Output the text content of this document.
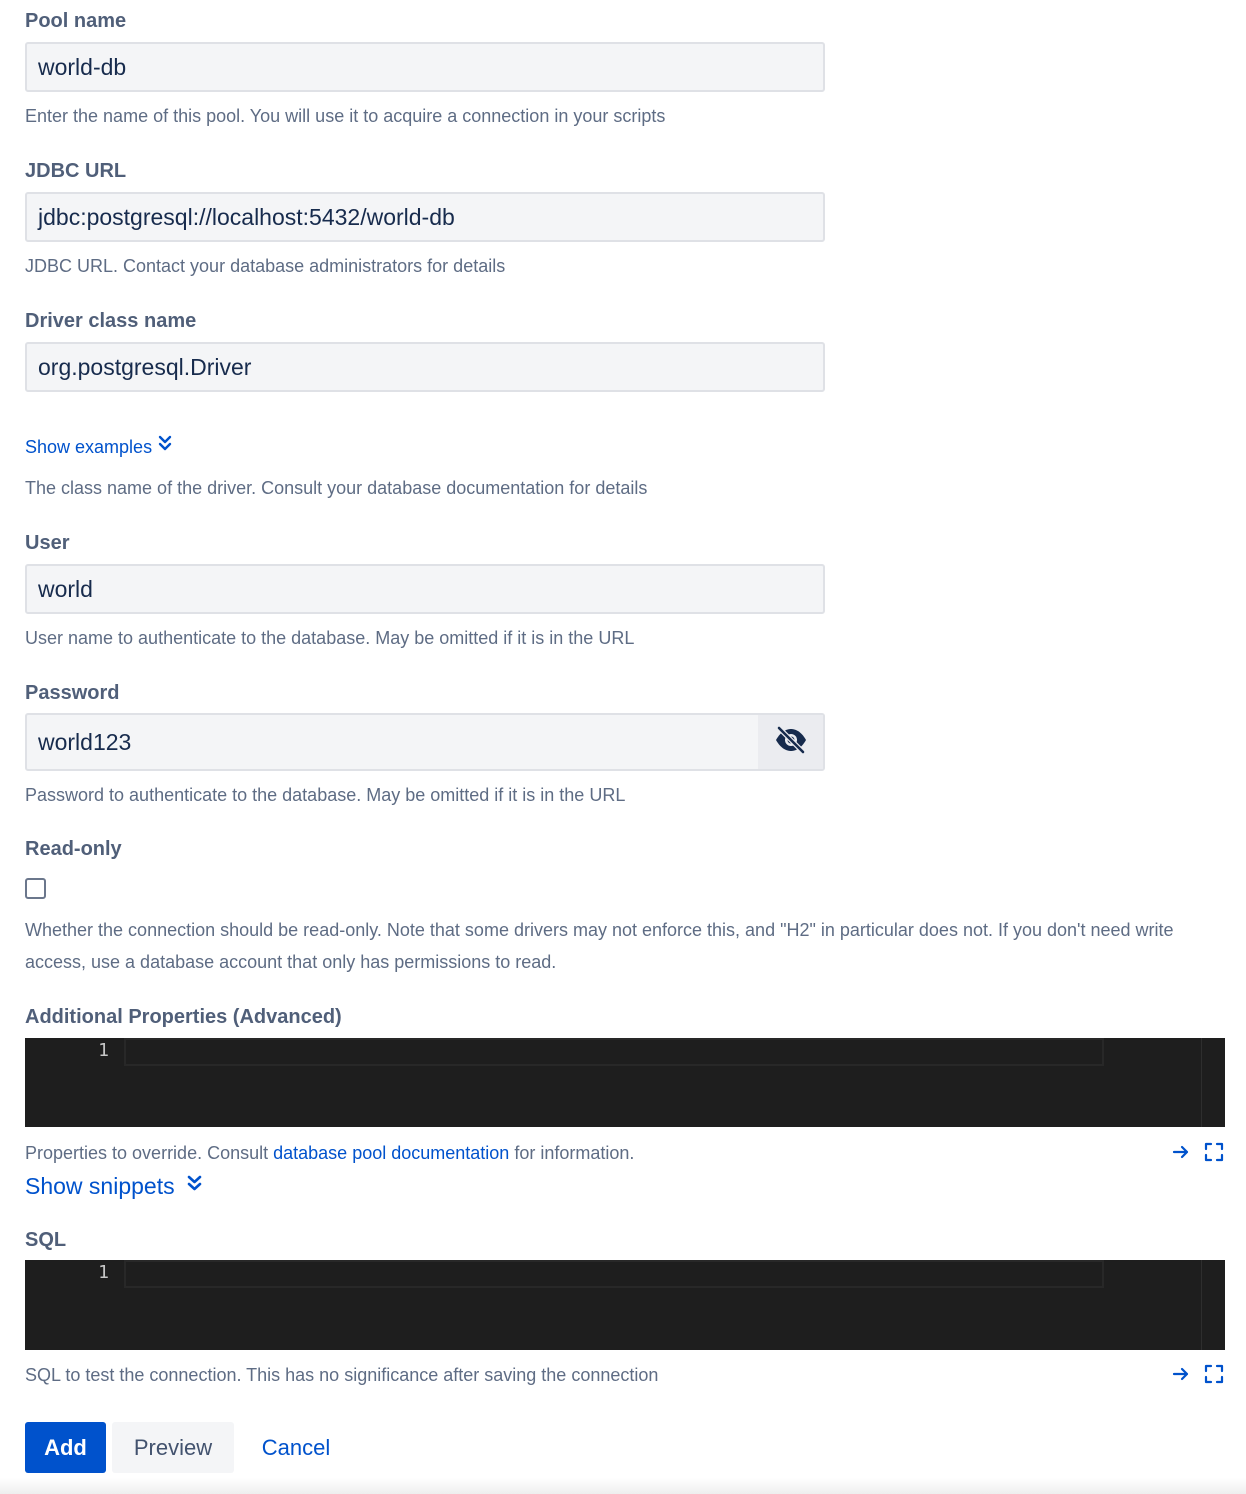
Pool name
world-db
Enter the name of this pool. You will use it to acquire a connection in your scripts
JDBC URL
jdbc:postgresql://localhost:5432/world-db
JDBC URL. Contact your database administrators for details
Driver class name
org.postgresql.Driver
Show examples
The class name of the driver. Consult your database documentation for details
User
world
User name to authenticate to the database. May be omitted if it is in the URL
Password
world123
Password to authenticate to the database. May be omitted if it is in the URL
Read-only
Whether the connection should be read-only. Note that some drivers may not enforce this, and "H2" in particular does not. If you don't need write access, use a database account that only has permissions to read.
Additional Properties (Advanced)
1
Properties to override. Consult database pool documentation for information.
Show snippets
SQL
1
SQL to test the connection. This has no significance after saving the connection
Add	Preview	Cancel
